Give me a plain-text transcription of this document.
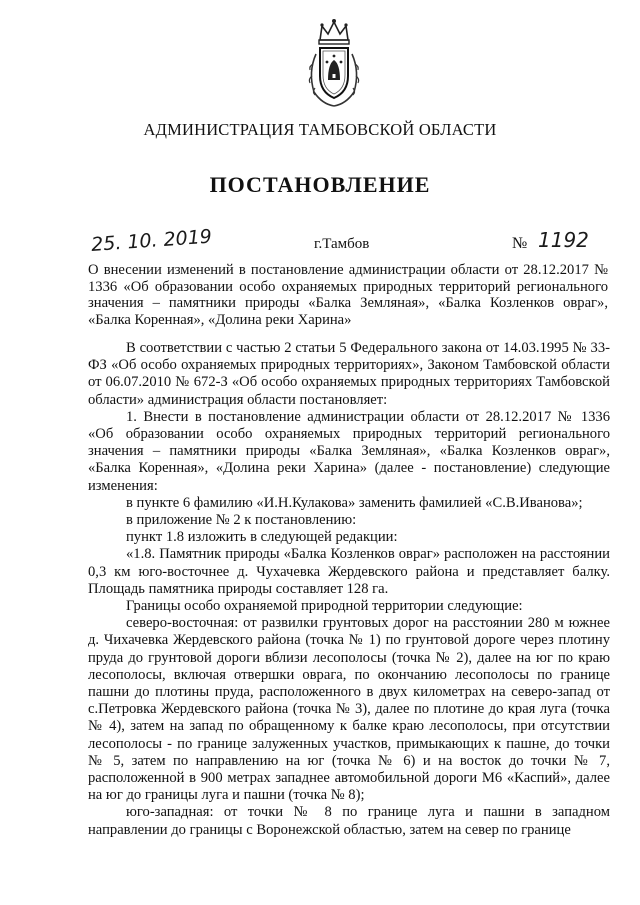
АДМИНИСТРАЦИЯ ТАМБОВСКОЙ ОБЛАСТИ
ПОСТАНОВЛЕНИЕ
25. 10. 2019	г.Тамбов	№ 1192
О внесении изменений в постановление администрации области от 28.12.2017 № 1336 «Об образовании особо охраняемых природных территорий регионального значения – памятники природы «Балка Земляная», «Балка Козленков овраг», «Балка Коренная», «Долина реки Харина»

В соответствии с частью 2 статьи 5 Федерального закона от 14.03.1995 № 33-ФЗ «Об особо охраняемых природных территориях», Законом Тамбовской области от 06.07.2010 № 672-З «Об особо охраняемых природных территориях Тамбовской области» администрация области постановляет:

1. Внести в постановление администрации области от 28.12.2017 № 1336 «Об образовании особо охраняемых природных территорий регионального значения – памятники природы «Балка Земляная», «Балка Козленков овраг», «Балка Коренная», «Долина реки Харина» (далее - постановление) следующие изменения:

в пункте 6 фамилию «И.Н.Кулакова» заменить фамилией «С.В.Иванова»;

в приложение № 2 к постановлению:

пункт 1.8 изложить в следующей редакции:

«1.8. Памятник природы «Балка Козленков овраг» расположен на расстоянии 0,3 км юго-восточнее д. Чухачевка Жердевского района и представляет балку. Площадь памятника природы составляет 128 га.

Границы особо охраняемой природной территории следующие:

северо-восточная: от развилки грунтовых дорог на расстоянии 280 м южнее д. Чихачевка Жердевского района (точка № 1) по грунтовой дороге через плотину пруда до грунтовой дороги вблизи лесополосы (точка № 2), далее на юг по краю лесополосы, включая отвершки оврага, по окончанию лесополосы по границе пашни до плотины пруда, расположенного в двух километрах на северо-запад от с.Петровка Жердевского района (точка № 3), далее по плотине до края луга (точка № 4), затем на запад по обращенному к балке краю лесополосы, при отсутствии лесополосы - по границе залуженных участков, примыкающих к пашне, до точки № 5, затем по направлению на юг (точка № 6) и на восток до точки № 7, расположенной в 900 метрах западнее автомобильной дороги М6 «Каспий», далее на юг до границы луга и пашни (точка № 8);

юго-западная: от точки № 8 по границе луга и пашни в западном направлении до границы с Воронежской областью, затем на север по границе
